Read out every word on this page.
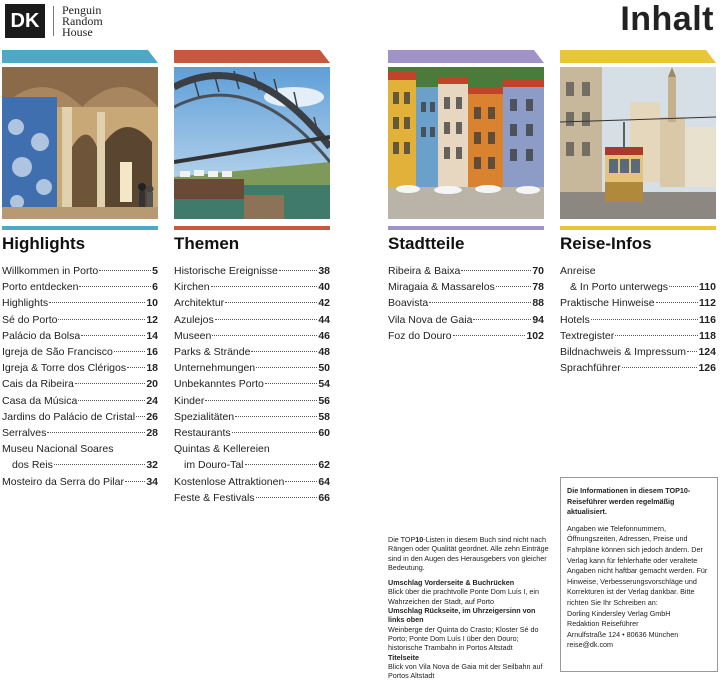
DK	Penguin
Random
House	Inhalt
Highlights
Willkommen in Porto	5
Porto entdecken	6
Highlights	10
Sé do Porto	12
Palácio da Bolsa	14
Igreja de São Francisco	16
Igreja & Torre dos Clérigos 18
Cais da Ribeira	20
Casa da Música	24
Jardins do Palácio de Cristal 26
Serralves	28
Museu Nacional Soares
dos Reis	32
Mosteiro da Serra do Pilar 34
Themen
Historische Ereignisse	38
Kirchen	40
Architektur	42
Azulejos	44
Museen	46
Parks & Strände	48
Unternehmungen	50
Unbekanntes Porto	54
Kinder	56
Spezialitäten	58
Restaurants	60
Quintas & Kellereien
im Douro-Tal	62
Kostenlose Attraktionen	64
Feste & Festivals	66
Stadtteile
Ribeira & Baixa	70
Miragaia & Massarelos	78
Boavista	88
Vila Nova de Gaia	94
Foz do Douro	102
Reise-Infos
Anreise
& In Porto unterwegs	110
Praktische Hinweise	112
Hotels	116
Textregister	118
Bildnachweis & Impressum 124
Sprachführer	126

Die TOP10-Listen in diesem Buch sind nicht nach Rängen oder Qualität geordnet. Alle zehn Einträge sind in den Augen des Herausgebers von gleicher Bedeutung.

Umschlag Vorderseite & Buchrücken
Blick über die prachtvolle Ponte Dom Luís I, ein Wahrzeichen der Stadt, auf Porto
Umschlag Rückseite, im Uhrzeigersinn von links oben
Weinberge der Quinta do Crasto; Kloster Sé do Porto; Ponte Dom Luís I über den Douro; historische Trambahn in Portos Altstadt
Titelseite
Blick von Vila Nova de Gaia mit der Seilbahn auf Portos Altstadt
Die Informationen in diesem TOP10-Reiseführer werden regelmäßig aktualisiert.

Angaben wie Telefonnummern, Öffnungszeiten, Adressen, Preise und Fahrpläne können sich jedoch ändern. Der Verlag kann für fehlerhafte oder veraltete Angaben nicht haftbar gemacht werden. Für Hinweise, Verbesserungsvorschläge und Korrekturen ist der Verlag dankbar. Bitte richten Sie Ihr Schreiben an:

Dorling Kindersley Verlag GmbH

Redaktion Reiseführer

Arnulfstraße 124 • 80636 München

reise@dk.com
